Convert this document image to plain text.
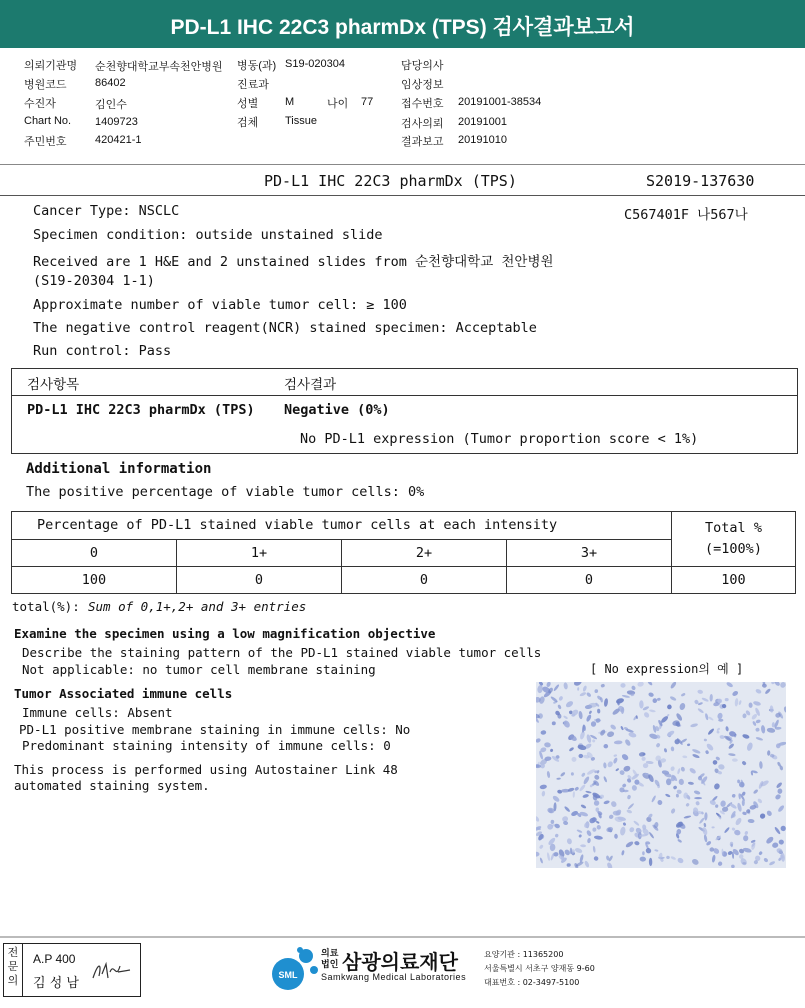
PD-L1 IHC 22C3 pharmDx (TPS) 검사결과보고서
의뢰기관명 순천향대학교부속천안병원 병동(과) S19-020304	담당의사
병원코드	86402	진료과	임상정보
수진자	김인수	성별 M	나이 77	접수번호 20191001-38534
Chart No. 1409723	검체 Tissue	검사의뢰 20191001
주민번호	420421-1	결과보고 20191010
PD-L1 IHC 22C3 pharmDx (TPS)	S2019-137630
Cancer Type: NSCLC	C567401F 나567나
Specimen condition: outside unstained slide
Received are 1 H&E and 2 unstained slides from 순천향대학교 천안병원
(S19-20304 1-1)
Approximate number of viable tumor cell: ≥ 100
The negative control reagent(NCR) stained specimen: Acceptable
Run control: Pass
검사항목	검사결과
PD-L1 IHC 22C3 pharmDx (TPS) Negative (0%)
No PD-L1 expression (Tumor proportion score < 1%)
Additional information
The positive percentage of viable tumor cells: 0%
Percentage of PD-L1 stained viable tumor cells at each intensity	Total %
(=100%)
0	1+	2+	3+
100	0	0	0	100
total(%): Sum of 0,1+,2+ and 3+ entries
Examine the specimen using a low magnification objective
Describe the staining pattern of the PD-L1 stained viable tumor cells
Not applicable: no tumor cell membrane staining	[ No expression의 예 ]
Tumor Associated immune cells
Immune cells: Absent
PD-L1 positive membrane staining in immune cells: No
Predominant staining intensity of immune cells: 0
This process is performed using Autostainer Link 48
automated staining system.
전문의
A.P 400
김 성 남
SML
의료
법인 삼광의료재단
Samkwang Medical Laboratories
요양기관 : 11365200
서울특별시 서초구 양재동 9-60
대표번호 : 02-3497-5100
